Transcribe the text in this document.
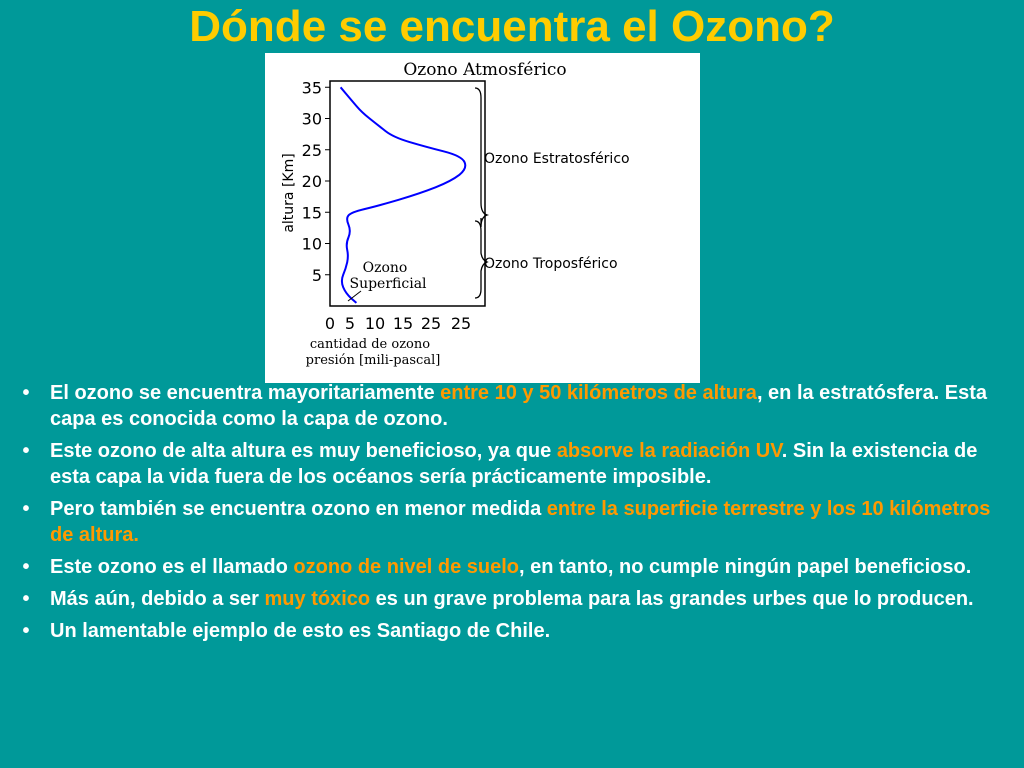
Dónde se encuentra el Ozono?
Ozono Atmosférico
altura [Km]
5
10
15
20
25
30
35
0 5 10 15 25 25
Ozono Estratosférico
Ozono Troposférico
Ozono
Superficial
cantidad de ozono
presión [mili-pascal]
•	El ozono se encuentra mayoritariamente entre 10 y 50 kilómetros de altura, en la estratósfera. Esta capa es conocida como la capa de ozono.
•	Este ozono de alta altura es muy beneficioso, ya que absorve la radiación UV. Sin la existencia de esta capa la vida fuera de los océanos sería prácticamente imposible.
•	Pero también se encuentra ozono en menor medida entre la superficie terrestre y los 10 kilómetros de altura.
•	Este ozono es el llamado ozono de nivel de suelo, en tanto, no cumple ningún papel beneficioso.
•	Más aún, debido a ser muy tóxico es un grave problema para las grandes urbes que lo producen.
•	Un lamentable ejemplo de esto es Santiago de Chile.
